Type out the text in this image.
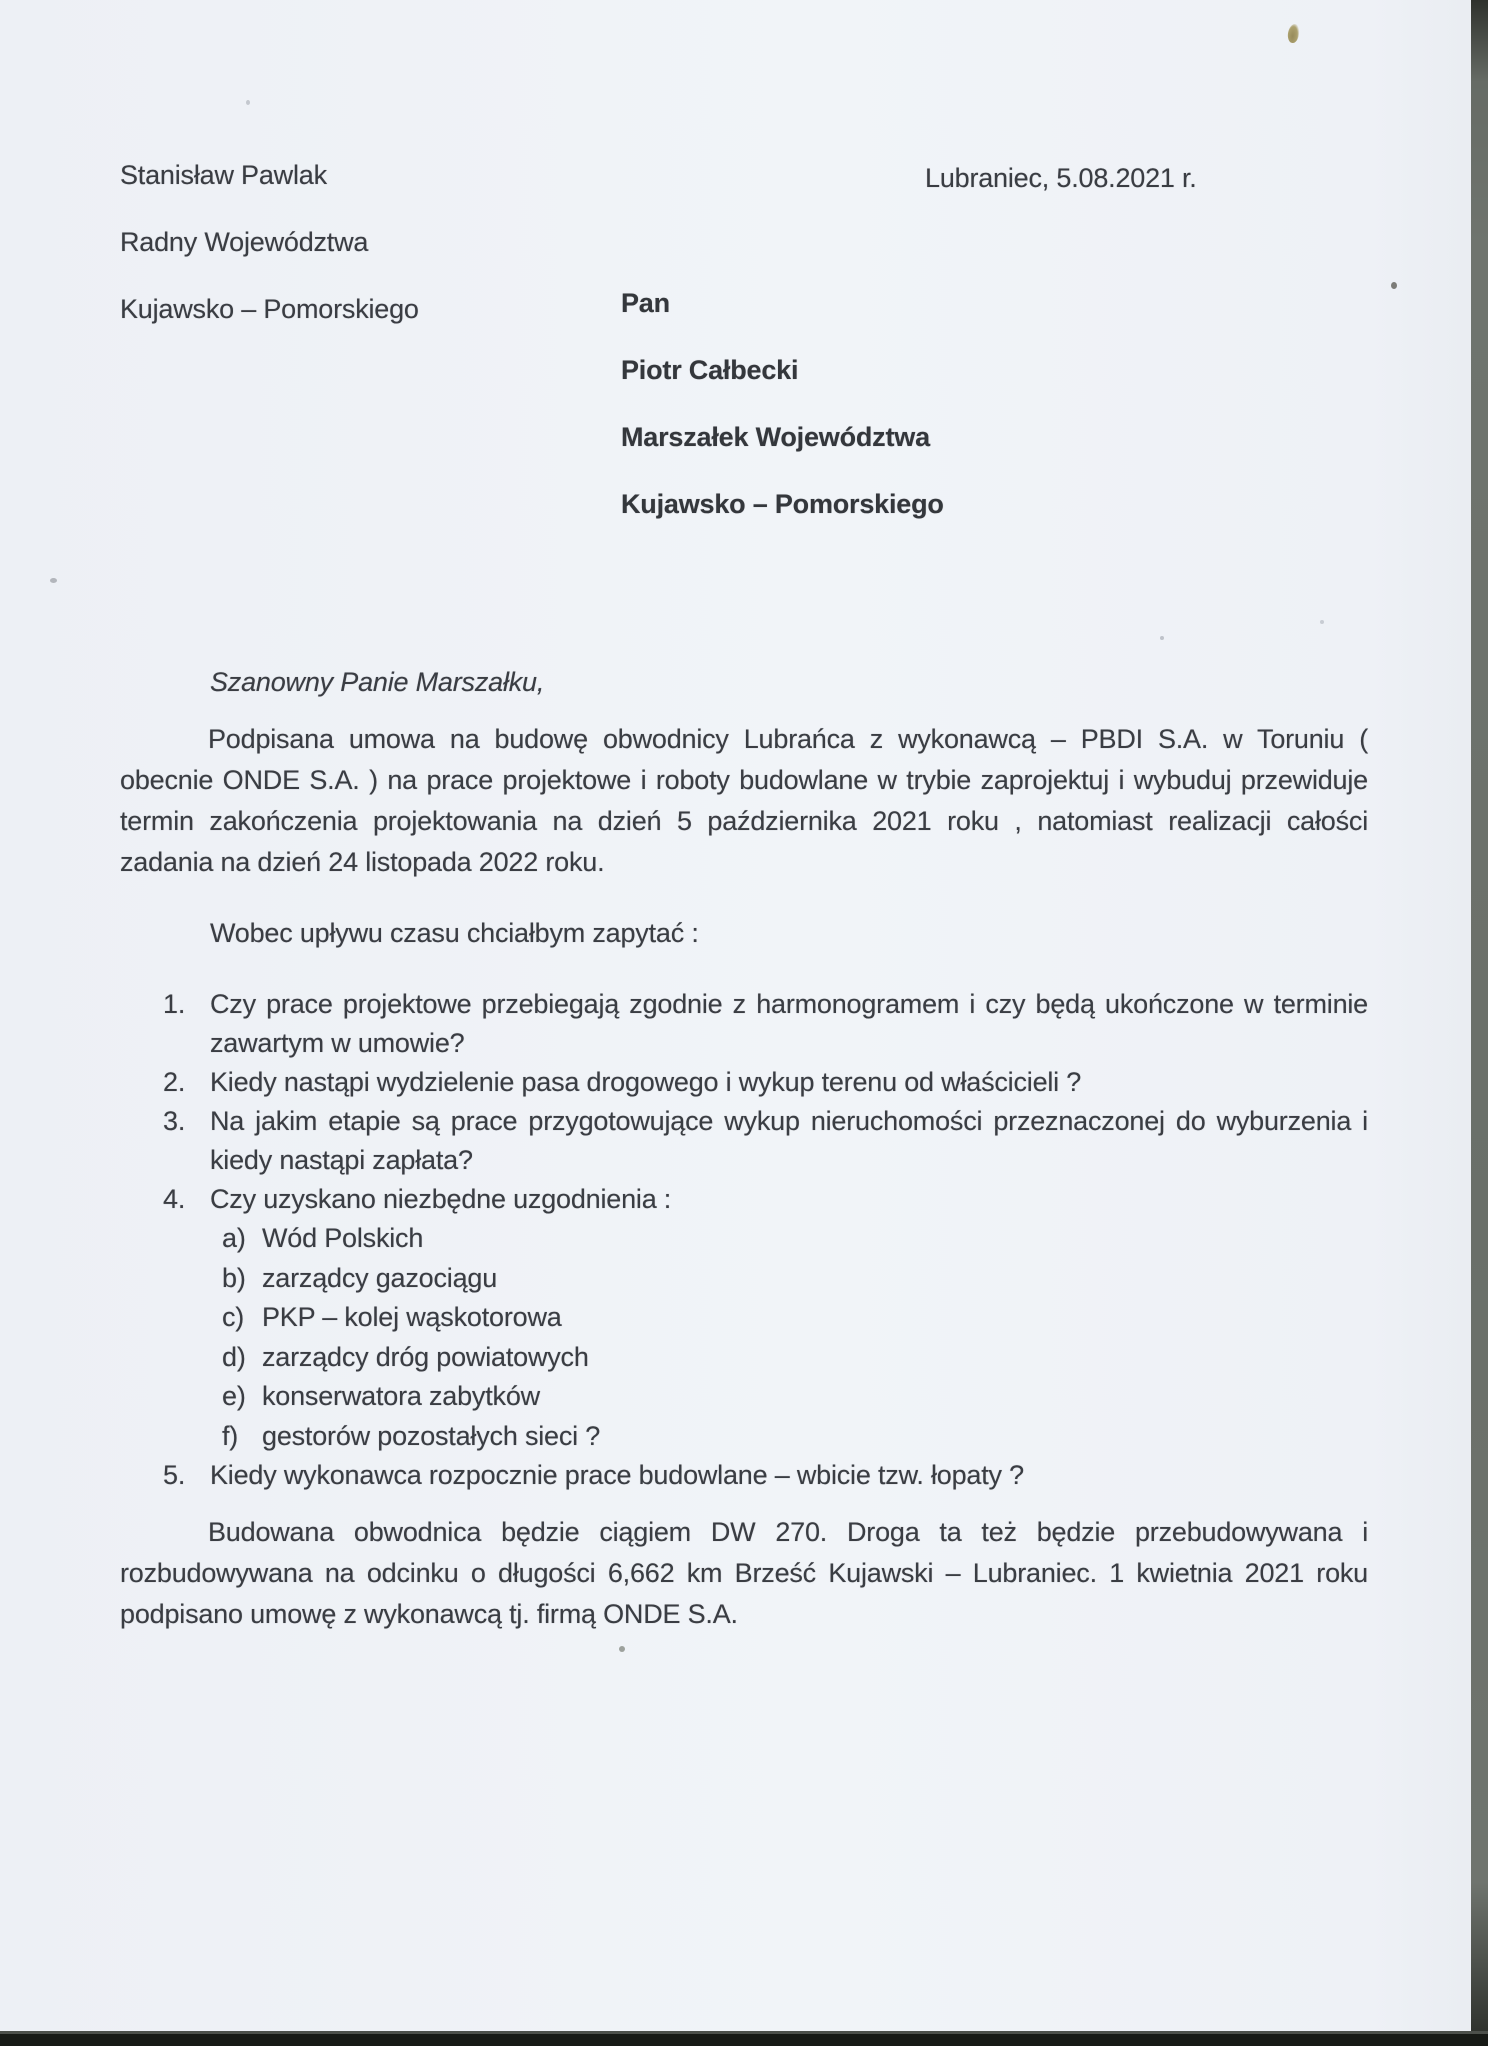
Stanisław Pawlak
Radny Województwa
Kujawsko – Pomorskiego
Lubraniec, 5.08.2021 r.
Pan
Piotr Całbecki
Marszałek Województwa
Kujawsko – Pomorskiego
Szanowny Panie Marszałku,

Podpisana umowa na budowę obwodnicy Lubrańca z wykonawcą – PBDI S.A. w Toruniu ( obecnie ONDE S.A. ) na prace projektowe i roboty budowlane w trybie zaprojektuj i wybuduj przewiduje termin zakończenia projektowania na dzień 5 października 2021 roku , natomiast realizacji całości zadania na dzień 24 listopada 2022 roku.

Wobec upływu czasu chciałbym zapytać :
1. Czy prace projektowe przebiegają zgodnie z harmonogramem i czy będą ukończone w terminie zawartym w umowie?
2. Kiedy nastąpi wydzielenie pasa drogowego i wykup terenu od właścicieli ?
3. Na jakim etapie są prace przygotowujące wykup nieruchomości przeznaczonej do wyburzenia i kiedy nastąpi zapłata?
4. Czy uzyskano niezbędne uzgodnienia :
a) Wód Polskich
b) zarządcy gazociągu
c) PKP – kolej wąskotorowa
d) zarządcy dróg powiatowych
e) konserwatora zabytków
f) gestorów pozostałych sieci ?
5. Kiedy wykonawca rozpocznie prace budowlane – wbicie tzw. łopaty ?

Budowana obwodnica będzie ciągiem DW 270. Droga ta też będzie przebudowywana i rozbudowywana na odcinku o długości 6,662 km Brześć Kujawski – Lubraniec. 1 kwietnia 2021 roku podpisano umowę z wykonawcą tj. firmą ONDE S.A.
